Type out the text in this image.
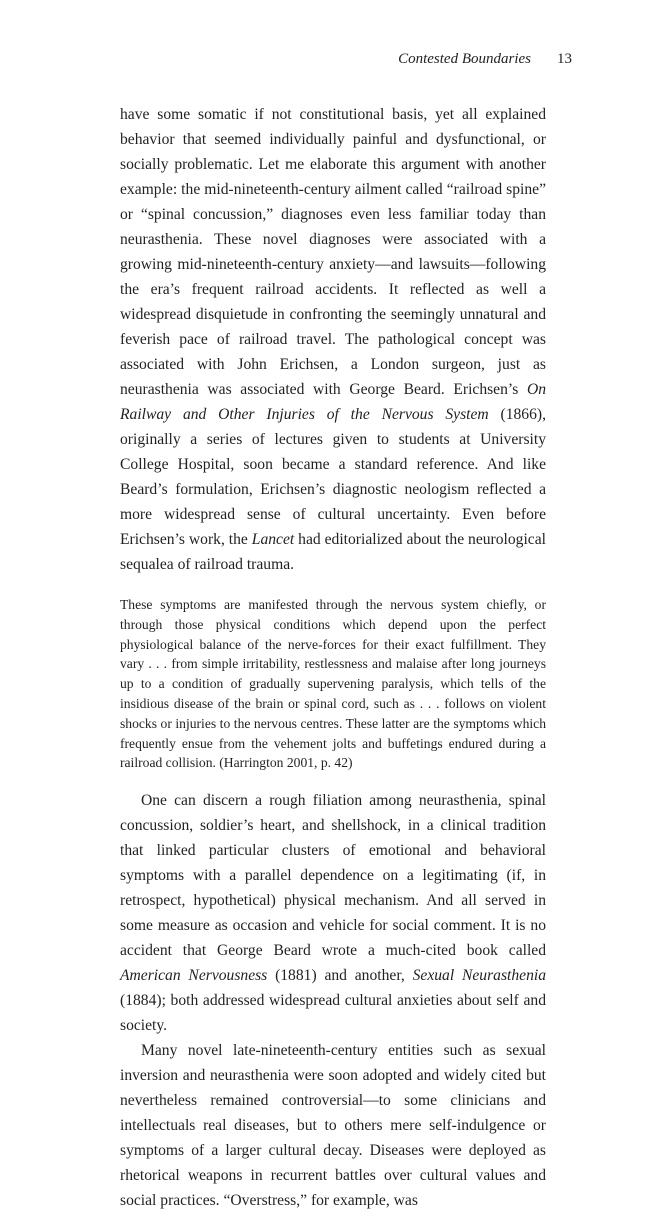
Contested Boundaries 13

have some somatic if not constitutional basis, yet all explained behavior that seemed individually painful and dysfunctional, or socially problematic. Let me elaborate this argument with another example: the mid-nineteenth-century ailment called “railroad spine” or “spinal concussion,” diagnoses even less familiar today than neurasthenia. These novel diagnoses were associated with a growing mid-nineteenth-century anxiety—and lawsuits—following the era’s frequent railroad accidents. It reflected as well a widespread disquietude in confronting the seemingly unnatural and feverish pace of railroad travel. The pathological concept was associated with John Erichsen, a London surgeon, just as neurasthenia was associated with George Beard. Erichsen’s On Railway and Other Injuries of the Nervous System (1866), originally a series of lectures given to students at University College Hospital, soon became a standard reference. And like Beard’s formulation, Erichsen’s diagnostic neologism reflected a more widespread sense of cultural uncertainty. Even before Erichsen’s work, the Lancet had editorialized about the neurological sequalea of railroad trauma.

These symptoms are manifested through the nervous system chiefly, or through those physical conditions which depend upon the perfect physiological balance of the nerve-forces for their exact fulfillment. They vary . . . from simple irritability, restlessness and malaise after long journeys up to a condition of gradually supervening paralysis, which tells of the insidious disease of the brain or spinal cord, such as . . . follows on violent shocks or injuries to the nervous centres. These latter are the symptoms which frequently ensue from the vehement jolts and buffetings endured during a railroad collision. (Harrington 2001, p. 42)

One can discern a rough filiation among neurasthenia, spinal concussion, soldier’s heart, and shellshock, in a clinical tradition that linked particular clusters of emotional and behavioral symptoms with a parallel dependence on a legitimating (if, in retrospect, hypothetical) physical mechanism. And all served in some measure as occasion and vehicle for social comment. It is no accident that George Beard wrote a much-cited book called American Nervousness (1881) and another, Sexual Neurasthenia (1884); both addressed widespread cultural anxieties about self and society.

Many novel late-nineteenth-century entities such as sexual inversion and neurasthenia were soon adopted and widely cited but nevertheless remained controversial—to some clinicians and intellectuals real diseases, but to others mere self-indulgence or symptoms of a larger cultural decay. Diseases were deployed as rhetorical weapons in recurrent battles over cultural values and social practices. “Overstress,” for example, was
